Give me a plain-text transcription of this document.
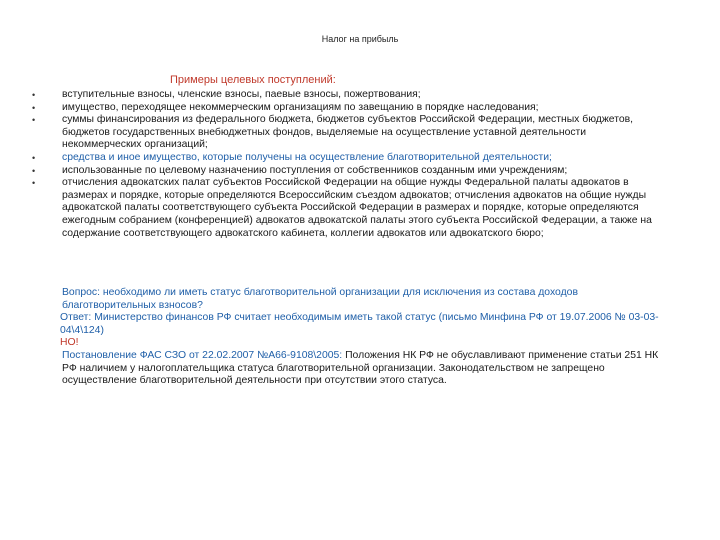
Налог на прибыль
Примеры целевых поступлений:
•	вступительные взносы, членские взносы, паевые взносы, пожертвования;
•	имущество, переходящее некоммерческим организациям по завещанию в порядке наследования;
•	суммы финансирования из федерального бюджета, бюджетов субъектов Российской Федерации, местных бюджетов, бюджетов государственных внебюджетных фондов, выделяемые на осуществление уставной деятельности некоммерческих организаций;
•	средства и иное имущество, которые получены на осуществление благотворительной деятельности;
•	использованные по целевому назначению поступления от собственников созданным ими учреждениям;
•	отчисления адвокатских палат субъектов Российской Федерации на общие нужды Федеральной палаты адвокатов в размерах и порядке, которые определяются Всероссийским съездом адвокатов; отчисления адвокатов на общие нужды адвокатской палаты соответствующего субъекта Российской Федерации в размерах и порядке, которые определяются ежегодным собранием (конференцией) адвокатов адвокатской палаты этого субъекта Российской Федерации, а также на содержание соответствующего адвокатского кабинета, коллегии адвокатов или адвокатского бюро;

Вопрос: необходимо ли иметь статус благотворительной организации для исключения из состава доходов благотворительных взносов?

Ответ: Министерство финансов РФ считает необходимым иметь такой статус (письмо Минфина РФ от 19.07.2006 № 03-03-04\4\124)

НО!

Постановление ФАС СЗО от 22.02.2007 №А66-9108\2005: Положения НК РФ не обуславливают применение статьи 251 НК РФ наличием у налогоплательщика статуса благотворительной организации. Законодательством не запрещено осуществление благотворительной деятельности при отсутствии этого статуса.
